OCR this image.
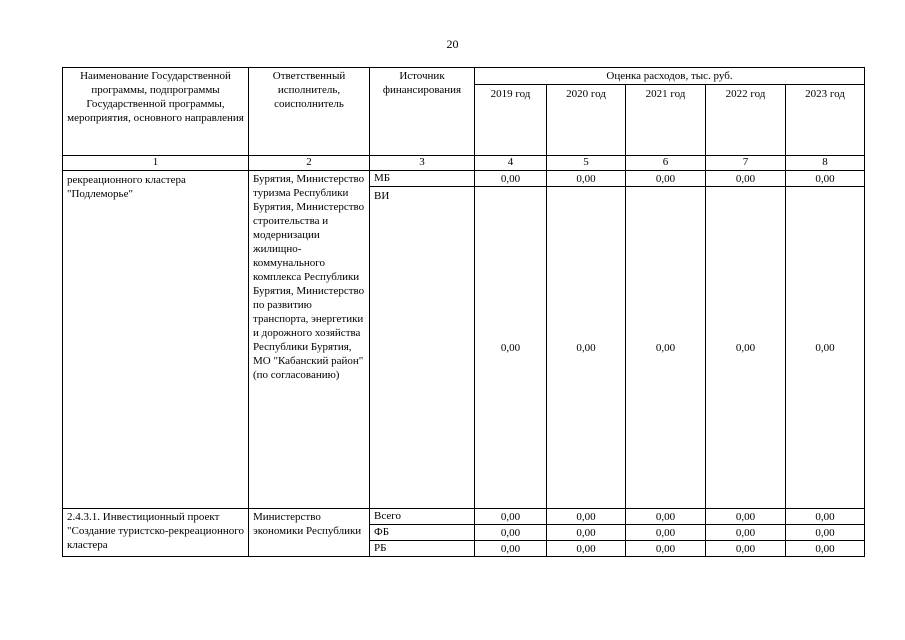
20
Наименование Государственной программы, подпрограммы Государственной программы, мероприятия, основного направления	Ответственный исполнитель, соисполнитель	Источник финансирования	Оценка расходов, тыс. руб.				
			2019 год	2020 год	2021 год	2022 год	2023 год
1	2	3	4	5	6	7	8
рекреационного кластера "Подлеморье"	Бурятия, Министерство туризма Республики Бурятия, Министерство строительства и модернизации жилищно-коммунального комплекса Республики Бурятия, Министерство по развитию транспорта, энергетики и дорожного хозяйства Республики Бурятия, МО "Кабанский район" (по согласованию)	МБ	0,00	0,00	0,00	0,00	0,00
		ВИ	0,00	0,00	0,00	0,00	0,00
2.4.3.1. Инвестиционный проект "Создание туристско-рекреационного кластера	Министерство экономики Республики	Всего	0,00	0,00	0,00	0,00	0,00
		ФБ	0,00	0,00	0,00	0,00	0,00
		РБ	0,00	0,00	0,00	0,00	0,00
